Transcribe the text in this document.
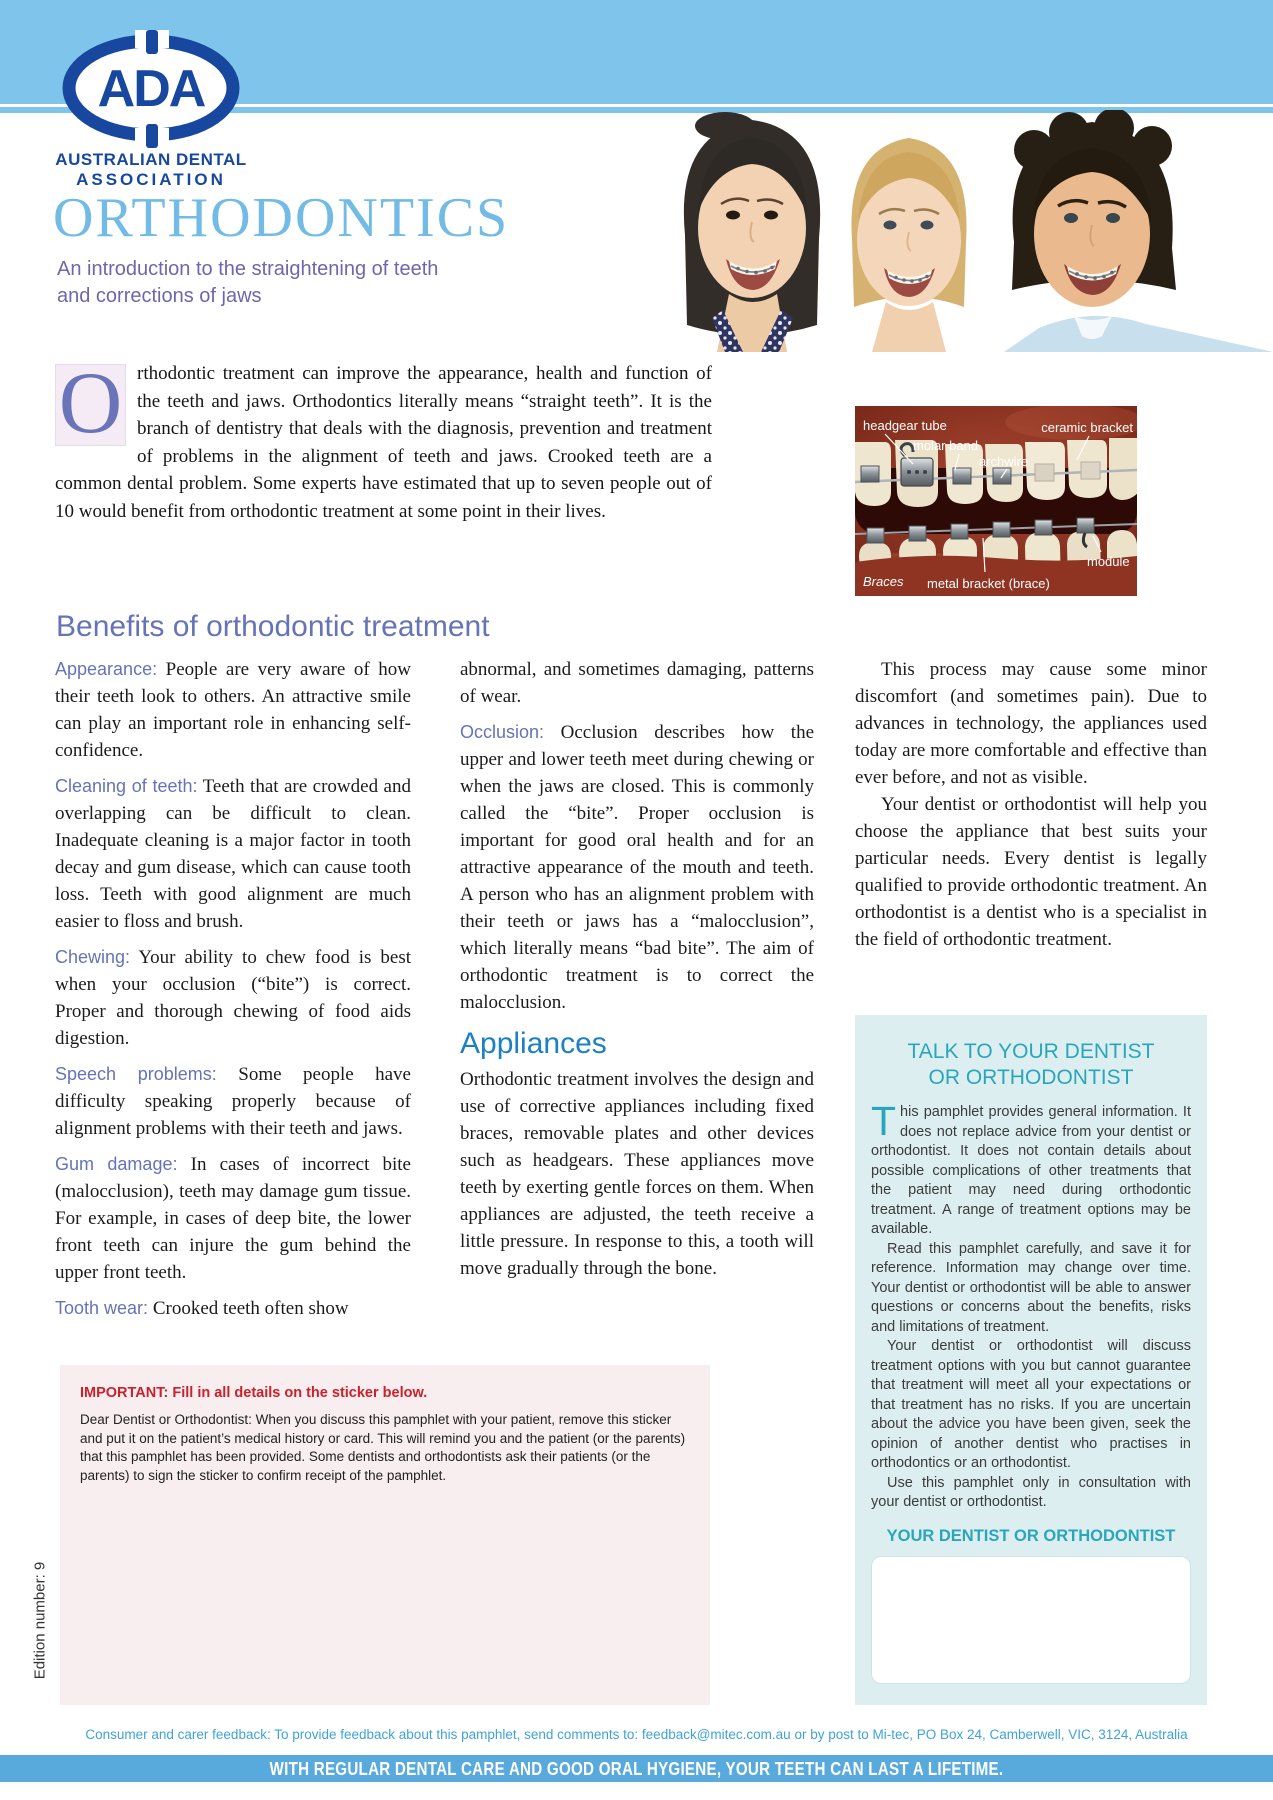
ADA
AUSTRALIAN DENTAL
ASSOCIATION
ORTHODONTICS
An introduction to the straightening of teeth
and corrections of jaws
O rthodontic treatment can improve the appearance, health and function of the teeth and jaws. Orthodontics literally means “straight teeth”. It is the branch of dentistry that deals with the diagnosis, prevention and treatment of problems in the alignment of teeth and jaws. Crooked teeth are a common dental problem. Some experts have estimated that up to seven people out of 10 would benefit from orthodontic treatment at some point in their lives.
headgear tube
molar band
archwire
ceramic bracket
module
metal bracket (brace)
Braces
Benefits of orthodontic treatment

Appearance: People are very aware of how their teeth look to others. An attractive smile can play an important role in enhancing self-confidence.

Cleaning of teeth: Teeth that are crowded and overlapping can be difficult to clean. Inadequate cleaning is a major factor in tooth decay and gum disease, which can cause tooth loss. Teeth with good alignment are much easier to floss and brush.

Chewing: Your ability to chew food is best when your occlusion (“bite”) is correct. Proper and thorough chewing of food aids digestion.

Speech problems: Some people have difficulty speaking properly because of alignment problems with their teeth and jaws.

Gum damage: In cases of incorrect bite (malocclusion), teeth may damage gum tissue. For example, in cases of deep bite, the lower front teeth can injure the gum behind the upper front teeth.

Tooth wear: Crooked teeth often show

abnormal, and sometimes damaging, patterns of wear.

Occlusion: Occlusion describes how the upper and lower teeth meet during chewing or when the jaws are closed. This is commonly called the “bite”. Proper occlusion is important for good oral health and for an attractive appearance of the mouth and teeth. A person who has an alignment problem with their teeth or jaws has a “malocclusion”, which literally means “bad bite”. The aim of orthodontic treatment is to correct the malocclusion.

Appliances

Orthodontic treatment involves the design and use of corrective appliances including fixed braces, removable plates and other devices such as headgears. These appliances move teeth by exerting gentle forces on them. When appliances are adjusted, the teeth receive a little pressure. In response to this, a tooth will move gradually through the bone.

This process may cause some minor discomfort (and sometimes pain). Due to advances in technology, the appliances used today are more comfortable and effective than ever before, and not as visible.

Your dentist or orthodontist will help you choose the appliance that best suits your particular needs. Every dentist is legally qualified to provide orthodontic treatment. An orthodontist is a dentist who is a specialist in the field of orthodontic treatment.

TALK TO YOUR DENTIST
OR ORTHODONTIST

This pamphlet provides general information. It does not replace advice from your dentist or orthodontist. It does not contain details about possible complications of other treatments that the patient may need during orthodontic treatment. A range of treatment options may be available.

Read this pamphlet carefully, and save it for reference. Information may change over time. Your dentist or orthodontist will be able to answer questions or concerns about the benefits, risks and limitations of treatment.

Your dentist or orthodontist will discuss treatment options with you but cannot guarantee that treatment will meet all your expectations or that treatment has no risks. If you are uncertain about the advice you have been given, seek the opinion of another dentist who practises in orthodontics or an orthodontist.

Use this pamphlet only in consultation with your dentist or orthodontist.

YOUR DENTIST OR ORTHODONTIST
IMPORTANT: Fill in all details on the sticker below.
Dear Dentist or Orthodontist: When you discuss this pamphlet with your patient, remove this sticker and put it on the patient’s medical history or card. This will remind you and the patient (or the parents) that this pamphlet has been provided. Some dentists and orthodontists ask their patients (or the parents) to sign the sticker to confirm receipt of the pamphlet.
Edition number: 9
Consumer and carer feedback: To provide feedback about this pamphlet, send comments to: feedback@mitec.com.au or by post to Mi-tec, PO Box 24, Camberwell, VIC, 3124, Australia
WITH REGULAR DENTAL CARE AND GOOD ORAL HYGIENE, YOUR TEETH CAN LAST A LIFETIME.
